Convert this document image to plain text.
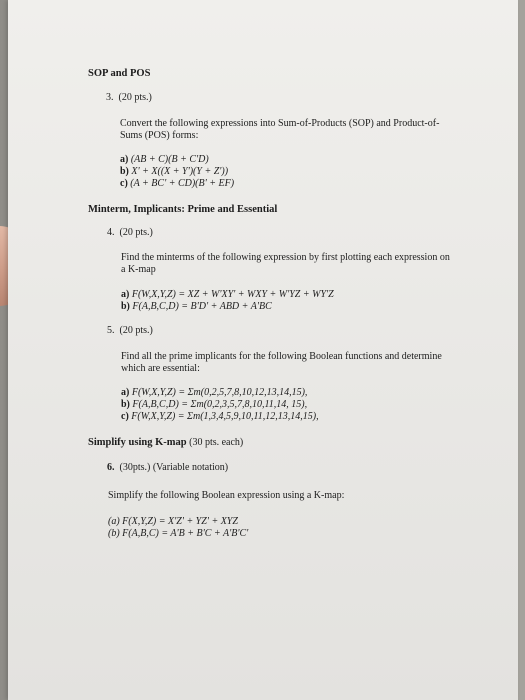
SOP and POS

3. (20 pts.)

Convert the following expressions into Sum-of-Products (SOP) and Product-of-

Sums (POS) forms:

a) (AB + C)(B + C'D)

b) X' + X((X + Y')(Y + Z'))

c) (A + BC' + CD)(B' + EF)

Minterm, Implicants: Prime and Essential

4. (20 pts.)

Find the minterms of the following expression by first plotting each expression on

a K-map

a) F(W,X,Y,Z) = XZ + W'XY' + WXY + W'YZ + WY'Z

b) F(A,B,C,D) = B'D' + ABD + A'BC

5. (20 pts.)

Find all the prime implicants for the following Boolean functions and determine

which are essential:

a) F(W,X,Y,Z) = Σm(0,2,5,7,8,10,12,13,14,15),

b) F(A,B,C,D) = Σm(0,2,3,5,7,8,10,11,14, 15),

c) F(W,X,Y,Z) = Σm(1,3,4,5,9,10,11,12,13,14,15),

Simplify using K-map (30 pts. each)

6. (30pts.) (Variable notation)

Simplify the following Boolean expression using a K-map:

(a) F(X,Y,Z) = X'Z' + YZ' + XYZ

(b) F(A,B,C) = A'B + B'C + A'B'C'
